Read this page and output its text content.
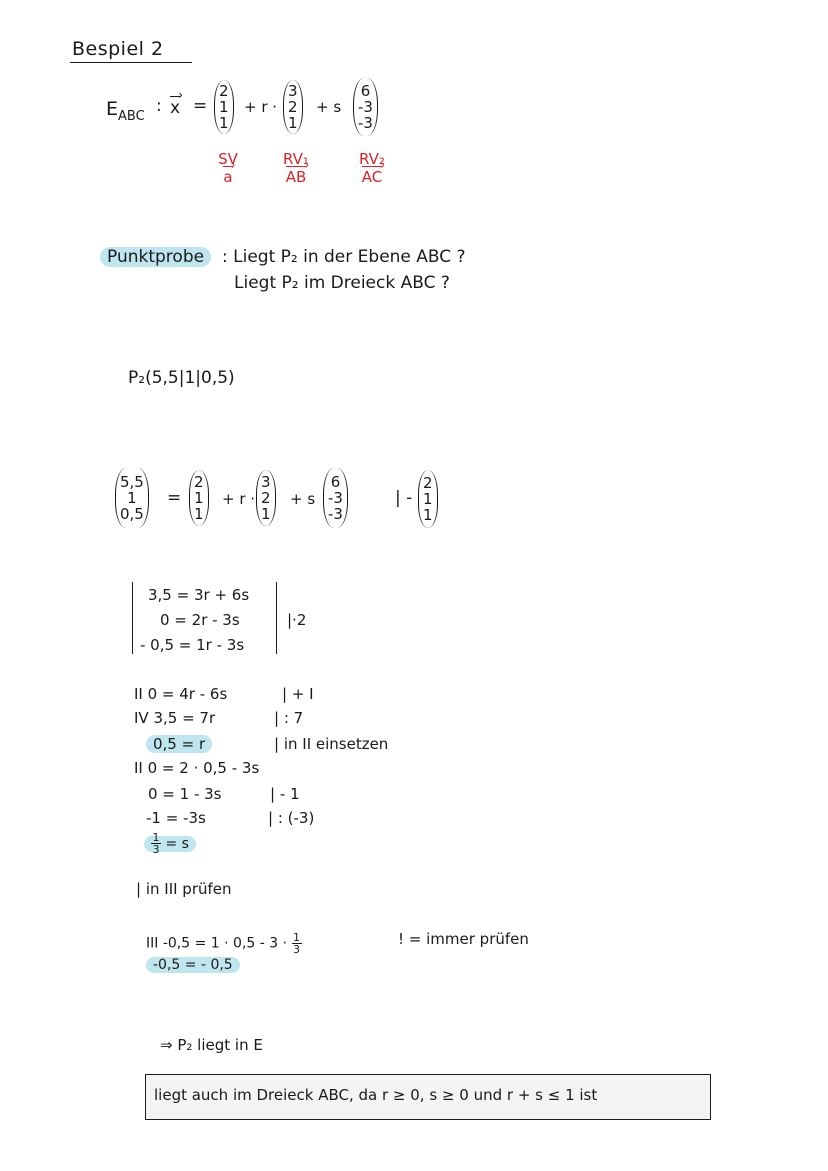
Bespiel 2
$E_{ABC}$
: x › =
2
1
1
+ r ·
3
2
1
+ s
6
-3
-3
SV
a ›
RV₁
AB ›
RV₂
AC ›
Punktprobe	: Liegt P₂ in der Ebene ABC ?
Liegt P₂ im Dreieck ABC ?
P₂(5,5|1|0,5)
5,5
1
0,5
=
2
1
1
+ r ·
3
2
1
+ s
6
-3
-3
| -
2
1
1
3,5 = 3r + 6s
0 = 2r - 3s
- 0,5 = 1r - 3s
|·2
II 0 = 4r - 6s	| + I
IV 3,5 = 7r	| : 7
0,5 = r	| in II einsetzen
II 0 = 2 · 0,5 - 3s
0 = 1 - 3s	| - 1
-1 = -3s	| : (-3)
$\frac{1}{3} = s$
| in III prüfen
III $-0,5 = 1 \cdot 0,5 - 3 \cdot \frac{1}{3}$
-0,5 = - 0,5
! = immer prüfen
⇒ P₂ liegt in E
liegt auch im Dreieck ABC, da r ≥ 0, s ≥ 0 und r + s ≤ 1 ist
